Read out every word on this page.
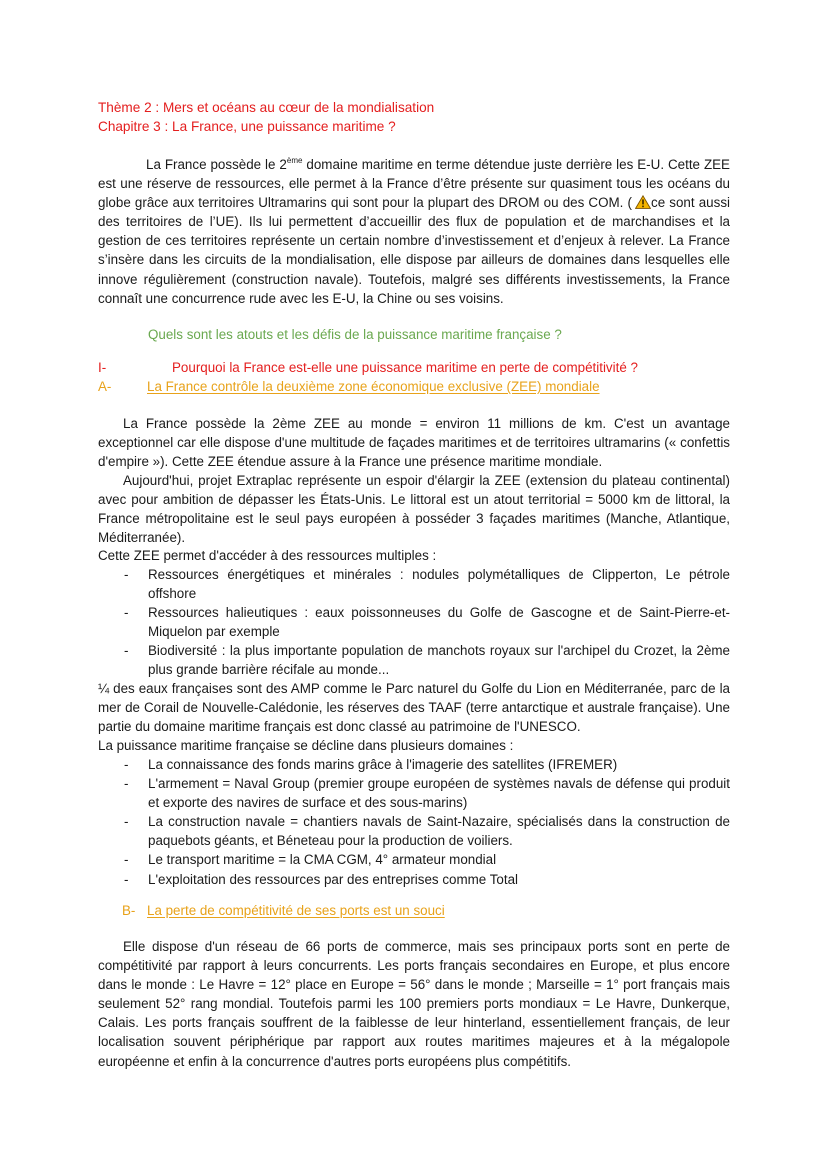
Thème 2 : Mers et océans au cœur de la mondialisation
Chapitre 3 : La France, une puissance maritime ?

La France possède le 2ème domaine maritime en terme détendue juste derrière les E-U. Cette ZEE est une réserve de ressources, elle permet à la France d’être présente sur quasiment tous les océans du globe grâce aux territoires Ultramarins qui sont pour la plupart des DROM ou des COM. ( ce sont aussi des territoires de l’UE). Ils lui permettent d’accueillir des flux de population et de marchandises et la gestion de ces territoires représente un certain nombre d’investissement et d’enjeux à relever. La France s’insère dans les circuits de la mondialisation, elle dispose par ailleurs de domaines dans lesquelles elle innove régulièrement (construction navale). Toutefois, malgré ses différents investissements, la France connaît une concurrence rude avec les E-U, la Chine ou ses voisins.

Quels sont les atouts et les défis de la puissance maritime française ?
I-	Pourquoi la France est-elle une puissance maritime en perte de compétitivité ?
A-	La France contrôle la deuxième zone économique exclusive (ZEE) mondiale

La France possède la 2ème ZEE au monde = environ 11 millions de km. C'est un avantage exceptionnel car elle dispose d'une multitude de façades maritimes et de territoires ultramarins (« confettis d'empire »). Cette ZEE étendue assure à la France une présence maritime mondiale.

Aujourd'hui, projet Extraplac représente un espoir d'élargir la ZEE (extension du plateau continental) avec pour ambition de dépasser les États-Unis. Le littoral est un atout territorial = 5000 km de littoral, la France métropolitaine est le seul pays européen à posséder 3 façades maritimes (Manche, Atlantique, Méditerranée).

Cette ZEE permet d'accéder à des ressources multiples :

- Ressources énergétiques et minérales : nodules polymétalliques de Clipperton, Le pétrole offshore
- Ressources halieutiques : eaux poissonneuses du Golfe de Gascogne et de Saint-Pierre-et-Miquelon par exemple
- Biodiversité : la plus importante population de manchots royaux sur l'archipel du Crozet, la 2ème plus grande barrière récifale au monde...

¼ des eaux françaises sont des AMP comme le Parc naturel du Golfe du Lion en Méditerranée, parc de la mer de Corail de Nouvelle-Calédonie, les réserves des TAAF (terre antarctique et australe française). Une partie du domaine maritime français est donc classé au patrimoine de l'UNESCO.

La puissance maritime française se décline dans plusieurs domaines :

- La connaissance des fonds marins grâce à l'imagerie des satellites (IFREMER)
- L'armement = Naval Group (premier groupe européen de systèmes navals de défense qui produit et exporte des navires de surface et des sous-marins)
- La construction navale = chantiers navals de Saint-Nazaire, spécialisés dans la construction de paquebots géants, et Béneteau pour la production de voiliers.
- Le transport maritime = la CMA CGM, 4° armateur mondial
- L'exploitation des ressources par des entreprises comme Total
B- La perte de compétitivité de ses ports est un souci

Elle dispose d'un réseau de 66 ports de commerce, mais ses principaux ports sont en perte de compétitivité par rapport à leurs concurrents. Les ports français secondaires en Europe, et plus encore dans le monde : Le Havre = 12° place en Europe = 56° dans le monde ; Marseille = 1° port français mais seulement 52° rang mondial. Toutefois parmi les 100 premiers ports mondiaux = Le Havre, Dunkerque, Calais. Les ports français souffrent de la faiblesse de leur hinterland, essentiellement français, de leur localisation souvent périphérique par rapport aux routes maritimes majeures et à la mégalopole européenne et enfin à la concurrence d'autres ports européens plus compétitifs.
